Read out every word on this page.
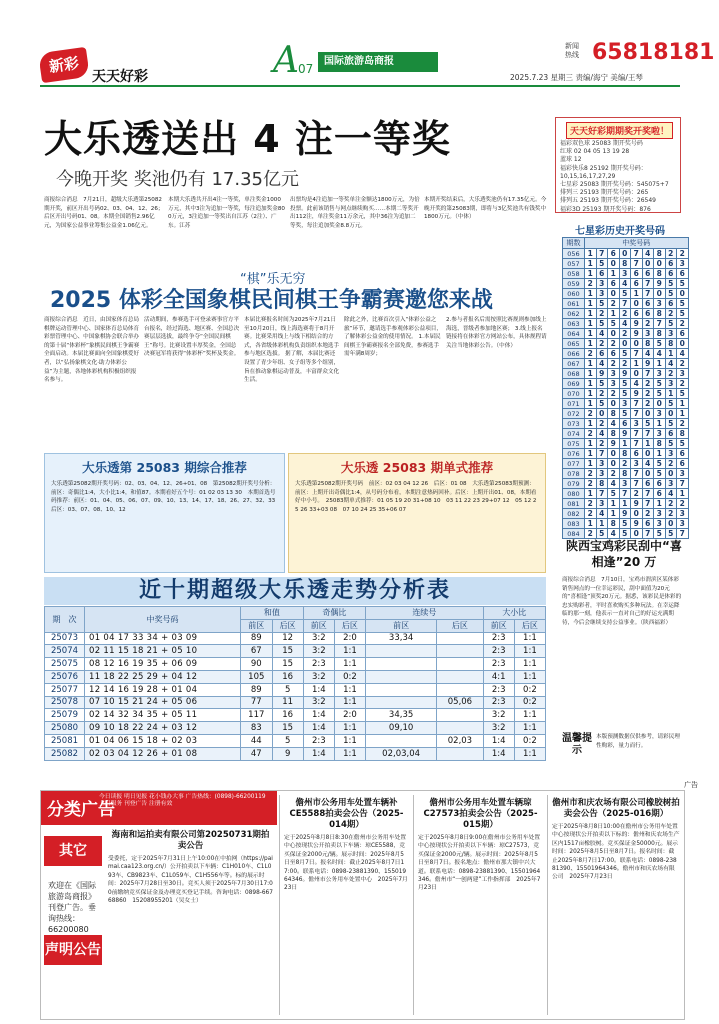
新彩
天天好彩	A 07
国际旅游岛商报
新闻热线 65818181
2025.7.23 星期三 责编/海宁 美编/王琴
大乐透送出 4 注一等奖
今晚开奖 奖池仍有 17.35亿元
商报综合消息　7月21日，超级大乐透第25082期开奖，前区开出号码02、03、04、12、26；后区开出号码01、08。本期全国销售2.96亿元，为国家公益事业筹集公益金1.06亿元。
本期大乐透共开出4注一等奖，单注奖金1000万元，其中3注为追加一等奖，每注追加奖金800万元，3注追加一等奖出自江苏（2注）、广东。江苏
出票均是4注追加一等奖单注金额达1800万元，为倍投票。此前该销售与网点继续购买……本期二等奖开出112注，单注奖金11万余元，其中36注为追加二等奖，每注追加奖金8.8万元。
本期开奖结束后，大乐透奖池仍有17.35亿元。今晚开奖的第25083期，即将与3亿奖池共有钱奖中1800万元。（中体）
天天好彩期期奖开奖啦！
福彩双色球 25083 期开奖号码
红球 02 04 05 13 19 28
蓝球 12
福彩快乐8 25192 期开奖号码：
10,15,16,17,27,29
七星彩 25083 期开奖号码：545075+7
排列三 25193 期开奖号码：265
排列五 25193 期开奖号码：26549
福彩3D 25193 期开奖号码：876
七星彩历史开奖号码
期数	中奖号码								
056	1	7	6	0	7	4	8	2	2
057	1	5	0	8	7	0	0	6	3
058	1	6	1	3	6	6	8	6	6
059	2	3	6	4	6	7	9	5	5
060	1	3	0	5	1	7	0	5	0
061	1	5	2	7	0	6	3	6	5
062	1	2	1	2	6	6	8	2	5
063	1	5	5	4	9	2	7	5	2
064	1	4	0	2	9	3	8	3	6
065	1	2	2	0	0	8	5	8	0
066	2	6	6	5	7	4	4	1	4
067	1	4	2	2	1	9	1	4	2
068	1	9	3	9	0	7	3	2	3
069	1	5	3	5	4	2	5	3	2
070	1	2	2	5	9	2	5	1	5
071	1	5	0	3	7	2	0	5	1
072	2	0	8	5	7	0	3	0	1
073	1	2	4	6	3	5	1	5	2
074	2	4	8	9	7	7	3	6	8
075	1	2	9	1	7	1	8	5	5
076	1	7	0	8	6	0	1	3	6
077	1	3	0	2	3	4	5	2	6
078	2	3	2	8	7	0	5	0	3
079	2	8	4	3	7	6	6	3	7
080	1	7	5	7	2	7	6	4	1
081	2	3	1	1	9	7	1	2	2
082	2	4	1	9	0	2	3	2	3
083	1	1	8	5	9	6	3	0	3
084	2	5	4	5	0	7	5	5	7
“棋”乐无穷
2025 体彩全国象棋民间棋王争霸赛邀您来战
商报综合消息　近日，由国家体育总局棋牌运动管理中心、国家体育总局体育彩票管理中心、中国象棋协会联合举办的第十届“体彩杯”象棋民间棋王争霸赛全面启动。本届比赛面向全国象棋爱好者，以“弘扬象棋文化·助力体彩公益”为主题，各地体彩机构积极组织报名参与。
活动期间，参赛选手可登录赛事官方平台报名，经过海选、地区赛、全国总决赛层层选拔，最终争夺“全国民间棋王”称号。比赛设置丰厚奖金，全国总决赛冠军将获得“体彩杯”奖杯及奖金。
本届比赛报名时间为2025年7月21日至10月20日，线上海选赛将于8月开赛。比赛采用线上与线下相结合的方式，各省级体彩机构负责组织本地选手参与地区选拔。 据了解，本届比赛还设置了青少年组、女子组等多个组别，旨在推动象棋运动普及，丰富群众文化生活。
除此之外，比赛首次引入“体彩公益之旅”环节，邀请选手参观体彩公益项目，了解体彩公益金的使用情况。 1.本届民间棋王争霸赛报名全部免费，参赛选手需年满8周岁；
2.参与者报名后需按照比赛规则参加线上海选，晋级者参加地区赛； 3.线上报名链接将在体彩官方网站公布，具体规程请关注当地体彩公告。（中体）
大乐透第 25083 期综合推荐
大乐透第25082期开奖号码：02、03、04、12、26+01、08　第25082期开奖号分析：前区：奇偶比1:4，大小比1:4，和值87。本期看好五个号：01 02 03 13 30　本期首选号码推荐：前区：01、04、05、06、07、09、10、13、14、17、18、26、27、32、33　后区：03、07、08、10、12
大乐透 25083 期单式推荐
大乐透第25082期开奖号码　前区：02 03 04 12 26　后区：01 08　大乐透第25083期预测：前区：上期开出奇偶比1:4，从号码分布看，本期注意热码回补。后区：上期开出01、08，本期看好中小号。　25083期单式推荐：01 05 19 20 31+08 10　03 11 22 23 29+07 12　05 12 25 26 33+03 08　07 10 24 25 35+06 07
近十期超级大乐透走势分析表
期　次	中奖号码	和值		奇偶比		连续号		大小比	
		前区	后区	前区	后区	前区	后区	前区	后区
25073	01 04 17 33 34 + 03 09	89	12	3:2	2:0	33,34		2:3	1:1
25074	02 11 15 18 21 + 05 10	67	15	3:2	1:1			2:3	1:1
25075	08 12 16 19 35 + 06 09	90	15	2:3	1:1			2:3	1:1
25076	11 18 22 25 29 + 04 12	105	16	3:2	0:2			4:1	1:1
25077	12 14 16 19 28 + 01 04	89	5	1:4	1:1			2:3	0:2
25078	07 10 15 21 24 + 05 06	77	11	3:2	1:1		05,06	2:3	0:2
25079	02 14 32 34 35 + 05 11	117	16	1:4	2:0	34,35		3:2	1:1
25080	09 10 18 22 24 + 03 12	83	15	1:4	1:1	09,10		3:2	1:1
25081	01 04 06 15 18 + 02 03	44	5	2:3	1:1		02,03	1:4	0:2
25082	02 03 04 12 26 + 01 08	47	9	1:4	1:1	02,03,04		1:4	1:1
陕西宝鸡彩民刮中“喜相逢”20 万
商报综合消息　7月10日，宝鸡市渭滨区某体彩销售网点的一位幸运彩民，刮中面值为20元的“喜相逢”顶奖20万元。据悉，该彩民是体彩的忠实购彩者，平时喜欢购买多种玩法。在幸运降临的那一刻，他表示一直对自己的好运充满期待，今后会继续支持公益事业。（陕西福彩）
温馨提示
本版预测数据仅供参考，请彩民理性购彩，量力而行。
广告
分类广告
今日读报 明日见报 花小钱办大事 广告热线：(0898)-66200119　上门服务 刊登广告 注册有效
其它
欢迎在《国际旅游岛商报》刊登广告。垂询热线：66200080
声明公告
海南和运拍卖有限公司第20250731期拍卖公告
受委托，定于2025年7月31日上午10:00在中拍网（https://paimai.caa123.org.cn/）公开拍卖以下车辆：C1H010车、C1L093车、CB9823车、C1L059车、C1H556车等。标的展示时间：2025年7月28日至30日。竞买人须于2025年7月30日17:00前缴纳竞买保证金及办理竞买登记手续。咨询电话：0898-66768860　15208955201（吴女士）
儋州市公务用车处置车辆补CE5588拍卖会公告（2025-014期）
定于2025年8月8日8:30在儋州市公务用车处置中心按现状公开拍卖以下车辆：琼CE5588，竞买保证金2000元/辆。展示时间：2025年8月5日至8月7日。报名时间：截止2025年8月7日17:00。联系电话：0898-23881390、15501964346。儋州市公务用车处置中心　2025年7月23日
儋州市公务用车处置车辆琼C27573拍卖会公告（2025-015期）
定于2025年8月8日9:00在儋州市公务用车处置中心按现状公开拍卖以下车辆：琼C27573，竞买保证金2000元/辆。展示时间：2025年8月5日至8月7日。报名地点：儋州市那大镇中兴大道。联系电话：0898-23881390、15501964346。儋州市“一创两建”工作指挥部　2025年7月23日
儋州市和庆农场有限公司橡胶树拍卖会公告（2025-016期）
定于2025年8月8日10:00在儋州市公务用车处置中心按现状公开拍卖以下标的：儋州和庆农场生产区内1517亩橡胶树。竞买保证金50000元。展示时间：2025年8月5日至8月7日。报名时间：截止2025年8月7日17:00。联系电话：0898-23881390、15501964346。儋州市和庆农场有限公司　2025年7月23日
